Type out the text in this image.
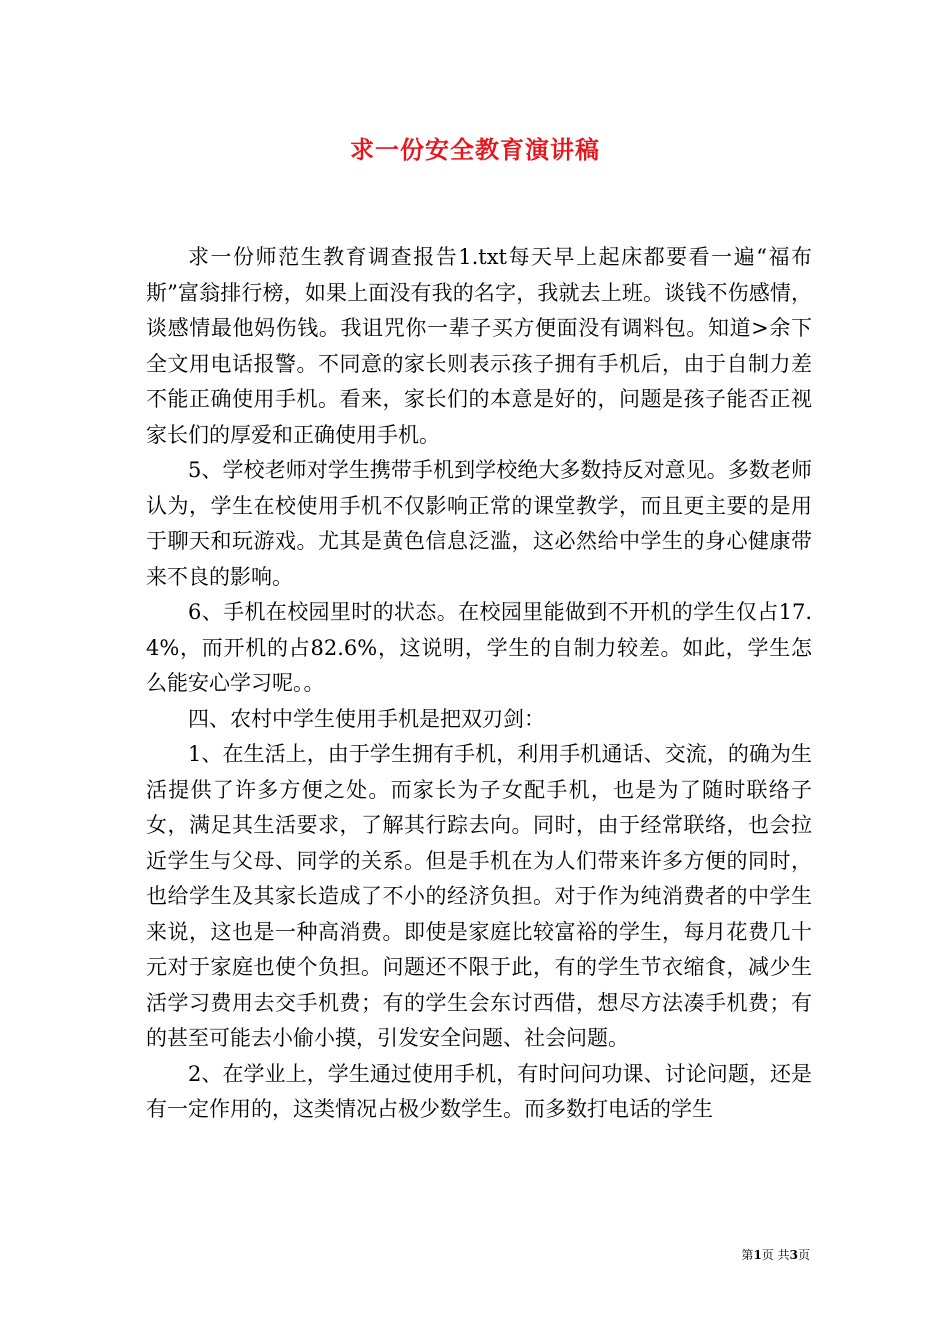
求一份安全教育演讲稿

求一份师范生教育调查报告1.txt每天早上起床都要看一遍“福布斯”富翁排行榜，如果上面没有我的名字，我就去上班。谈钱不伤感情，谈感情最他妈伤钱。我诅咒你一辈子买方便面没有调料包。知道>余下全文用电话报警。不同意的家长则表示孩子拥有手机后，由于自制力差不能正确使用手机。看来，家长们的本意是好的，问题是孩子能否正视家长们的厚爱和正确使用手机。

5、学校老师对学生携带手机到学校绝大多数持反对意见。多数老师认为，学生在校使用手机不仅影响正常的课堂教学，而且更主要的是用于聊天和玩游戏。尤其是黄色信息泛滥，这必然给中学生的身心健康带来不良的影响。

6、手机在校园里时的状态。在校园里能做到不开机的学生仅占17.4%，而开机的占82.6%，这说明，学生的自制力较差。如此，学生怎么能安心学习呢。。

四、农村中学生使用手机是把双刃剑：

1、在生活上，由于学生拥有手机，利用手机通话、交流，的确为生活提供了许多方便之处。而家长为子女配手机，也是为了随时联络子女，满足其生活要求，了解其行踪去向。同时，由于经常联络，也会拉近学生与父母、同学的关系。但是手机在为人们带来许多方便的同时，也给学生及其家长造成了不小的经济负担。对于作为纯消费者的中学生来说，这也是一种高消费。即使是家庭比较富裕的学生，每月花费几十元对于家庭也使个负担。问题还不限于此，有的学生节衣缩食，减少生活学习费用去交手机费；有的学生会东讨西借，想尽方法凑手机费；有的甚至可能去小偷小摸，引发安全问题、社会问题。

2、在学业上，学生通过使用手机，有时问问功课、讨论问题，还是有一定作用的，这类情况占极少数学生。而多数打电话的学生

第1页 共3页
